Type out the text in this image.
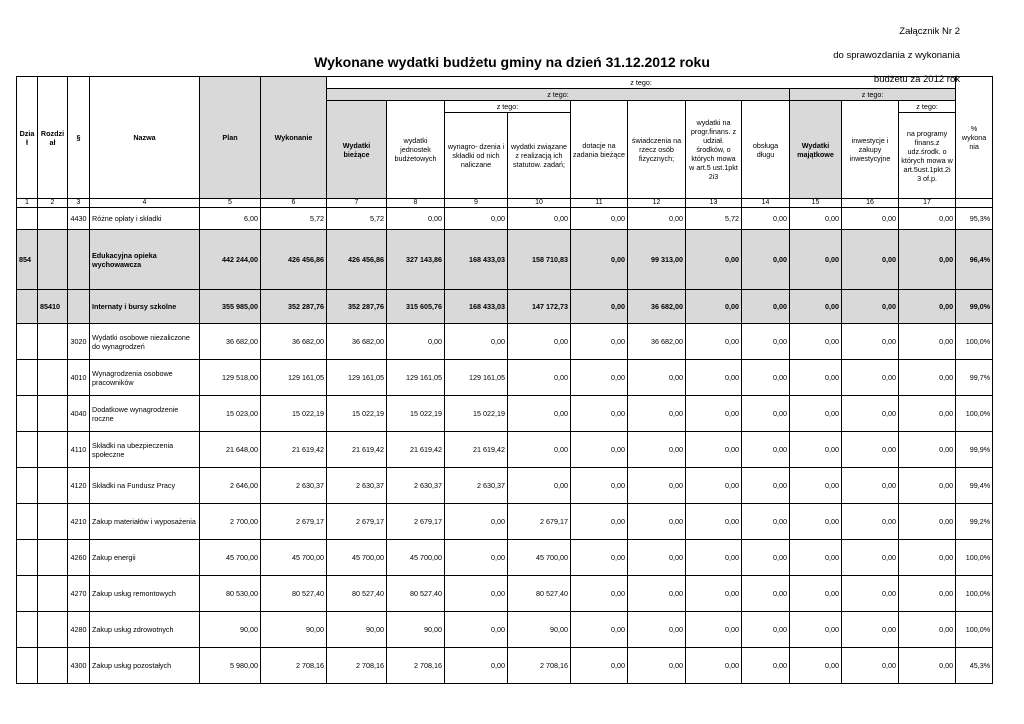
Załącznik Nr 2

do sprawozdania z wykonania

budżetu za 2012 rok

Wykonane wydatki budżetu gminy na dzień 31.12.2012 roku
Dzia ł	Rozdzi ał	§	Nazwa	Plan	Wykonanie	z tego:											% wykona nia
						z tego:								z tego:			
						Wydatki bieżące	wydatki jednostek budżetowych	z tego:		dotacje na zadania bieżące	świadczenia na rzecz osób fizycznych;	wydatki na progr.finans. z udział. środków, o których mowa w art.5 ust.1pkt 2i3	obsługa długu	Wydatki majątkowe	inwestycje i zakupy inwestycyjne	z tego:	
								wynagro- dzenia i składki od nich naliczane	wydatki związane z realizacją ich statutow. zadań;							na programy finans.z udz.środk. o których mowa w art.5ust.1pkt.2i 3 of.p.	
1	2	3	4	5	6	7	8	9	10	11	12	13	14	15	16	17	
		4430	Różne opłaty i składki	6,00	5,72	5,72	0,00	0,00	0,00	0,00	0,00	5,72	0,00	0,00	0,00	0,00	95,3%
854			Edukacyjna opieka wychowawcza	442 244,00	426 456,86	426 456,86	327 143,86	168 433,03	158 710,83	0,00	99 313,00	0,00	0,00	0,00	0,00	0,00	96,4%
	85410		Internaty i bursy szkolne	355 985,00	352 287,76	352 287,76	315 605,76	168 433,03	147 172,73	0,00	36 682,00	0,00	0,00	0,00	0,00	0,00	99,0%
		3020	Wydatki osobowe niezaliczone do wynagrodzeń	36 682,00	36 682,00	36 682,00	0,00	0,00	0,00	0,00	36 682,00	0,00	0,00	0,00	0,00	0,00	100,0%
		4010	Wynagrodzenia osobowe pracowników	129 518,00	129 161,05	129 161,05	129 161,05	129 161,05	0,00	0,00	0,00	0,00	0,00	0,00	0,00	0,00	99,7%
		4040	Dodatkowe wynagrodzenie roczne	15 023,00	15 022,19	15 022,19	15 022,19	15 022,19	0,00	0,00	0,00	0,00	0,00	0,00	0,00	0,00	100,0%
		4110	Składki na ubezpieczenia społeczne	21 648,00	21 619,42	21 619,42	21 619,42	21 619,42	0,00	0,00	0,00	0,00	0,00	0,00	0,00	0,00	99,9%
		4120	Składki na Fundusz Pracy	2 646,00	2 630,37	2 630,37	2 630,37	2 630,37	0,00	0,00	0,00	0,00	0,00	0,00	0,00	0,00	99,4%
		4210	Zakup materiałów i wyposażenia	2 700,00	2 679,17	2 679,17	2 679,17	0,00	2 679,17	0,00	0,00	0,00	0,00	0,00	0,00	0,00	99,2%
		4260	Zakup energii	45 700,00	45 700,00	45 700,00	45 700,00	0,00	45 700,00	0,00	0,00	0,00	0,00	0,00	0,00	0,00	100,0%
		4270	Zakup usług remontowych	80 530,00	80 527,40	80 527,40	80 527,40	0,00	80 527,40	0,00	0,00	0,00	0,00	0,00	0,00	0,00	100,0%
		4280	Zakup usług zdrowotnych	90,00	90,00	90,00	90,00	0,00	90,00	0,00	0,00	0,00	0,00	0,00	0,00	0,00	100,0%
		4300	Zakup usług pozostałych	5 980,00	2 708,16	2 708,16	2 708,16	0,00	2 708,16	0,00	0,00	0,00	0,00	0,00	0,00	0,00	45,3%
